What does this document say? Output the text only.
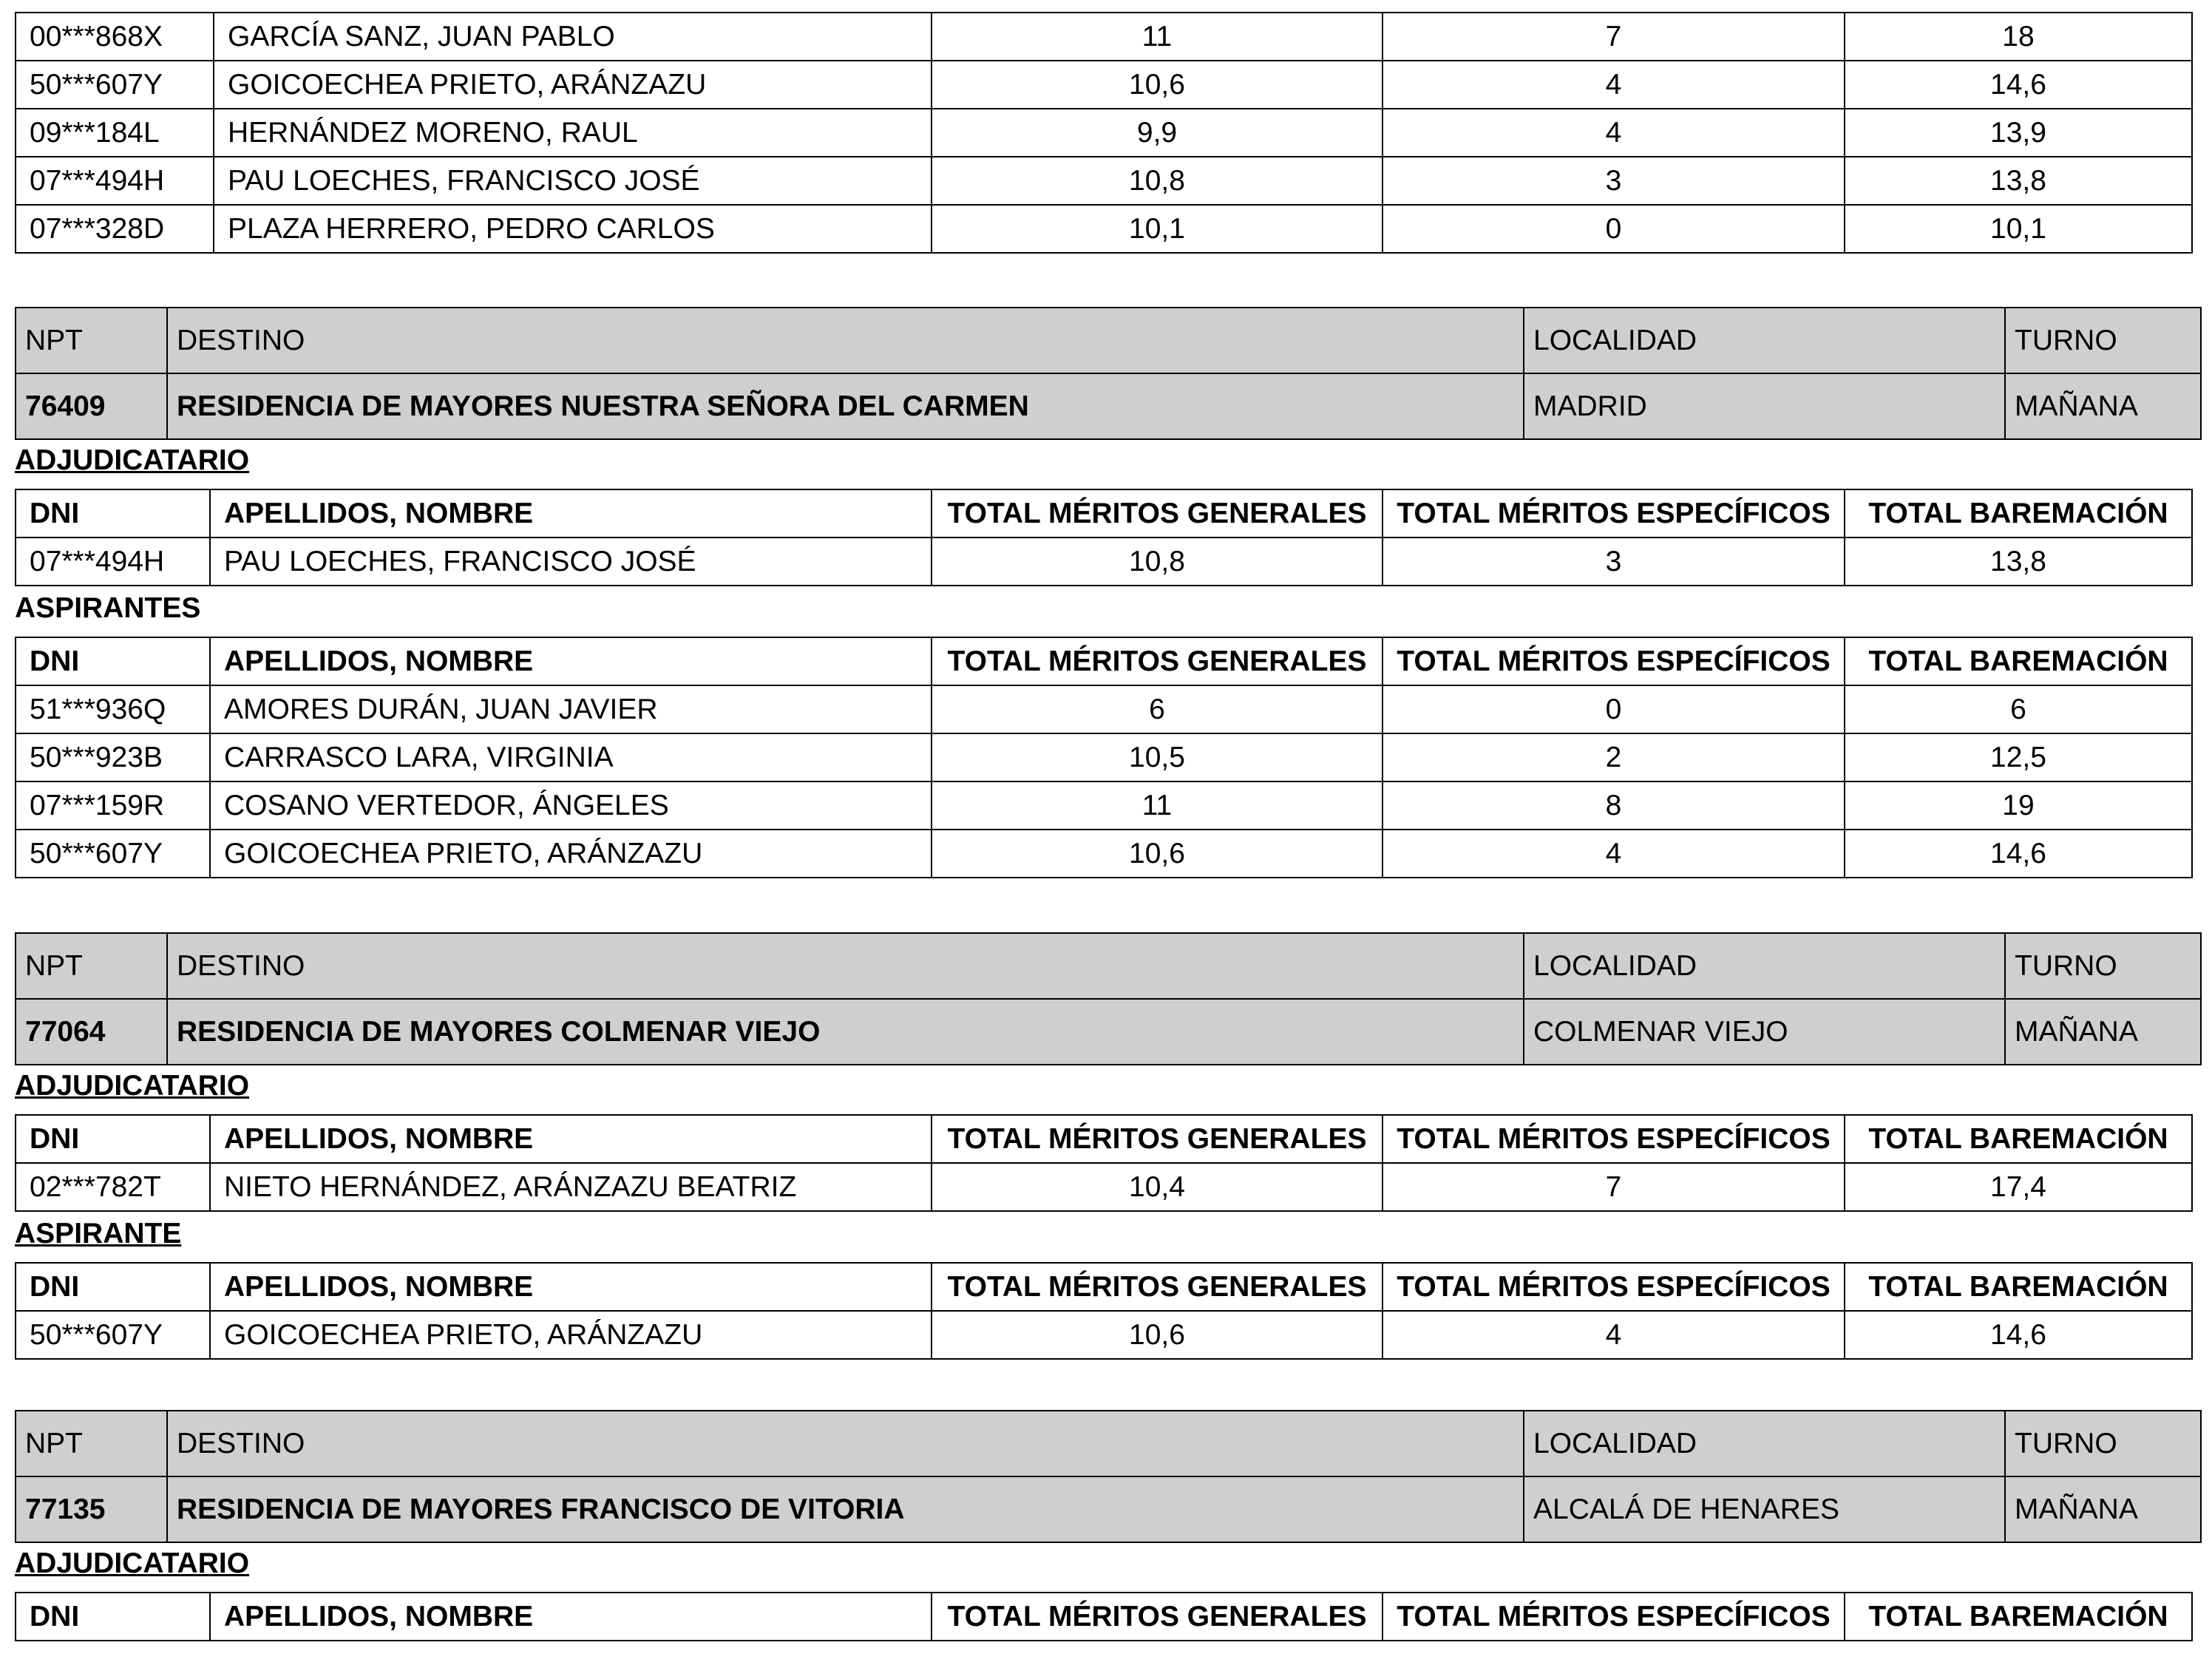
00***868X	GARCÍA SANZ, JUAN PABLO	11	7	18
50***607Y	GOICOECHEA PRIETO, ARÁNZAZU	10,6	4	14,6
09***184L	HERNÁNDEZ MORENO, RAUL	9,9	4	13,9
07***494H	PAU LOECHES, FRANCISCO JOSÉ	10,8	3	13,8
07***328D	PLAZA HERRERO, PEDRO CARLOS	10,1	0	10,1
NPT	DESTINO	LOCALIDAD	TURNO
76409	RESIDENCIA DE MAYORES NUESTRA SEÑORA DEL CARMEN	MADRID	MAÑANA
ADJUDICATARIO
DNI	APELLIDOS, NOMBRE	TOTAL MÉRITOS GENERALES	TOTAL MÉRITOS ESPECÍFICOS	TOTAL BAREMACIÓN
07***494H	PAU LOECHES, FRANCISCO JOSÉ	10,8	3	13,8
ASPIRANTES
DNI	APELLIDOS, NOMBRE	TOTAL MÉRITOS GENERALES	TOTAL MÉRITOS ESPECÍFICOS	TOTAL BAREMACIÓN
51***936Q	AMORES DURÁN, JUAN JAVIER	6	0	6
50***923B	CARRASCO LARA, VIRGINIA	10,5	2	12,5
07***159R	COSANO VERTEDOR, ÁNGELES	11	8	19
50***607Y	GOICOECHEA PRIETO, ARÁNZAZU	10,6	4	14,6
NPT	DESTINO	LOCALIDAD	TURNO
77064	RESIDENCIA DE MAYORES COLMENAR VIEJO	COLMENAR VIEJO	MAÑANA
ADJUDICATARIO
DNI	APELLIDOS, NOMBRE	TOTAL MÉRITOS GENERALES	TOTAL MÉRITOS ESPECÍFICOS	TOTAL BAREMACIÓN
02***782T	NIETO HERNÁNDEZ, ARÁNZAZU BEATRIZ	10,4	7	17,4
ASPIRANTE
DNI	APELLIDOS, NOMBRE	TOTAL MÉRITOS GENERALES	TOTAL MÉRITOS ESPECÍFICOS	TOTAL BAREMACIÓN
50***607Y	GOICOECHEA PRIETO, ARÁNZAZU	10,6	4	14,6
NPT	DESTINO	LOCALIDAD	TURNO
77135	RESIDENCIA DE MAYORES FRANCISCO DE VITORIA	ALCALÁ DE HENARES	MAÑANA
ADJUDICATARIO
DNI	APELLIDOS, NOMBRE	TOTAL MÉRITOS GENERALES	TOTAL MÉRITOS ESPECÍFICOS	TOTAL BAREMACIÓN
